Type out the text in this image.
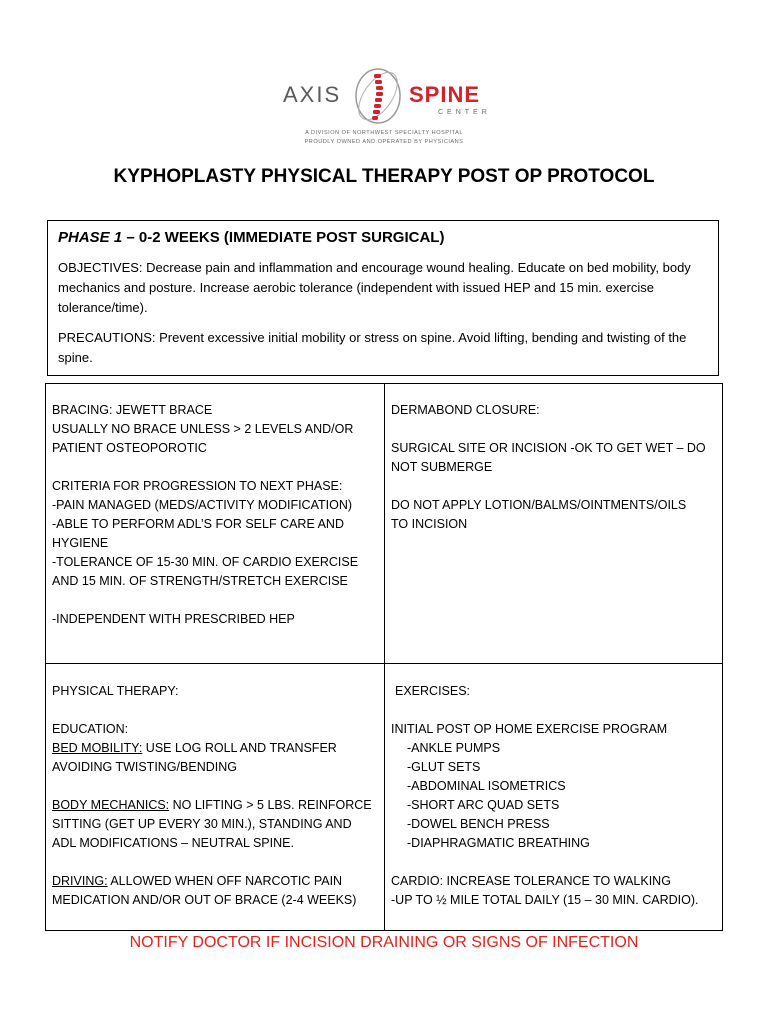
AXIS	SPINE
CENTER
A DIVISION OF NORTHWEST SPECIALTY HOSPITAL
PROUDLY OWNED AND OPERATED BY PHYSICIANS
KYPHOPLASTY PHYSICAL THERAPY POST OP PROTOCOL
PHASE 1 – 0-2 WEEKS (IMMEDIATE POST SURGICAL)

OBJECTIVES: Decrease pain and inflammation and encourage wound healing. Educate on bed mobility, body mechanics and posture. Increase aerobic tolerance (independent with issued HEP and 15 min. exercise tolerance/time).

PRECAUTIONS: Prevent excessive initial mobility or stress on spine. Avoid lifting, bending and twisting of the spine.

BRACING: JEWETT BRACE
USUALLY NO BRACE UNLESS > 2 LEVELS AND/OR
PATIENT OSTEOPOROTIC
CRITERIA FOR PROGRESSION TO NEXT PHASE:
-PAIN MANAGED (MEDS/ACTIVITY MODIFICATION)
-ABLE TO PERFORM ADL’S FOR SELF CARE AND
HYGIENE
-TOLERANCE OF 15-30 MIN. OF CARDIO EXERCISE
AND 15 MIN. OF STRENGTH/STRETCH EXERCISE
-INDEPENDENT WITH PRESCRIBED HEP
DERMABOND CLOSURE:
SURGICAL SITE OR INCISION -OK TO GET WET – DO
NOT SUBMERGE
DO NOT APPLY LOTION/BALMS/OINTMENTS/OILS
TO INCISION
PHYSICAL THERAPY:
EDUCATION:
BED MOBILITY: USE LOG ROLL AND TRANSFER
AVOIDING TWISTING/BENDING
BODY MECHANICS: NO LIFTING > 5 LBS. REINFORCE
SITTING (GET UP EVERY 30 MIN.), STANDING AND
ADL MODIFICATIONS – NEUTRAL SPINE.
DRIVING: ALLOWED WHEN OFF NARCOTIC PAIN
MEDICATION AND/OR OUT OF BRACE (2-4 WEEKS)
EXERCISES:
INITIAL POST OP HOME EXERCISE PROGRAM
-ANKLE PUMPS
-GLUT SETS
-ABDOMINAL ISOMETRICS
-SHORT ARC QUAD SETS
-DOWEL BENCH PRESS
-DIAPHRAGMATIC BREATHING
CARDIO: INCREASE TOLERANCE TO WALKING
-UP TO ½ MILE TOTAL DAILY (15 – 30 MIN. CARDIO).
NOTIFY DOCTOR IF INCISION DRAINING OR SIGNS OF INFECTION
